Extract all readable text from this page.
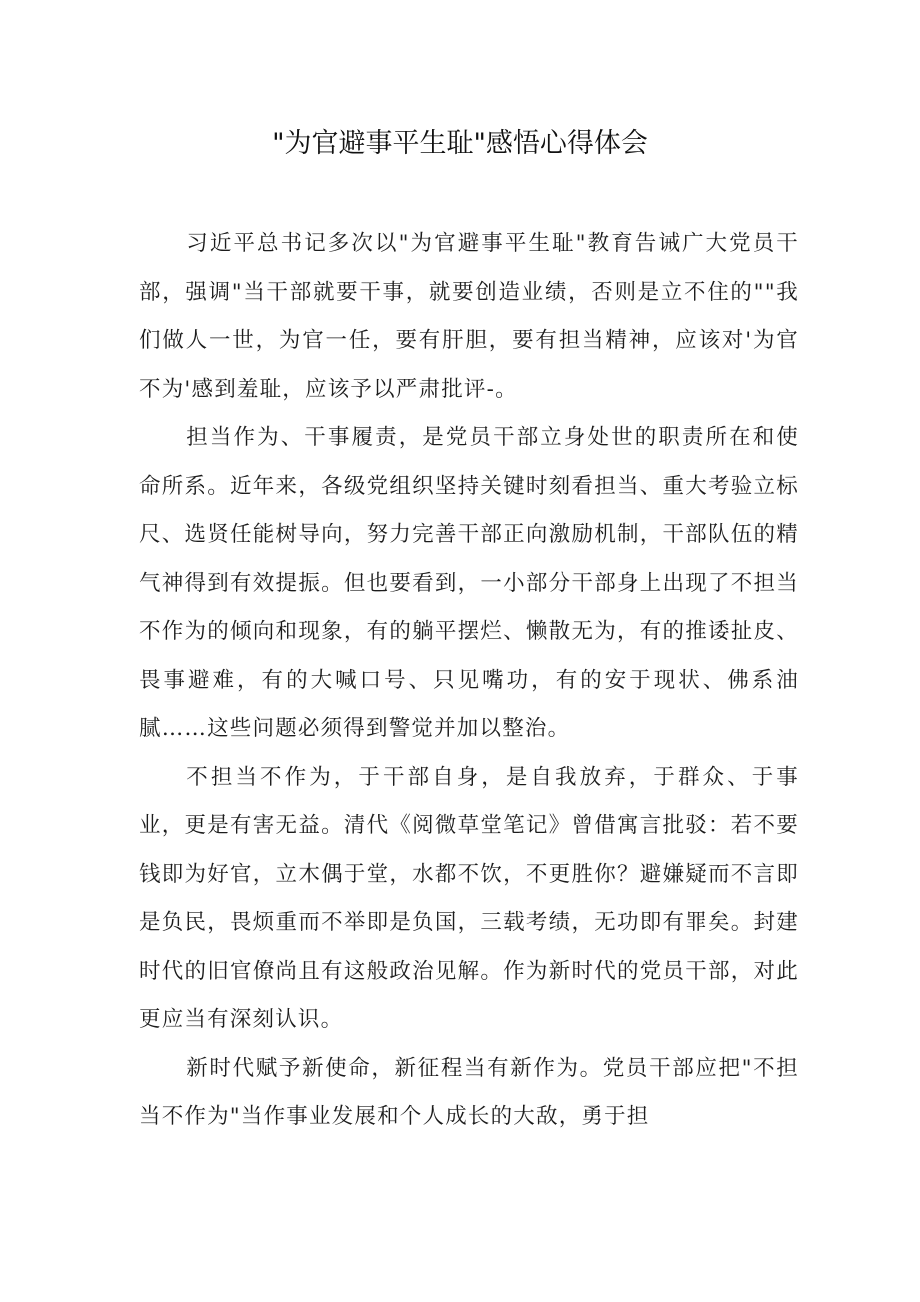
"为官避事平生耻"感悟心得体会

习近平总书记多次以"为官避事平生耻"教育告诫广大党员干部，强调"当干部就要干事，就要创造业绩，否则是立不住的""我们做人一世，为官一任，要有肝胆，要有担当精神，应该对'为官不为'感到羞耻，应该予以严肃批评-。

担当作为、干事履责，是党员干部立身处世的职责所在和使命所系。近年来，各级党组织坚持关键时刻看担当、重大考验立标尺、选贤任能树导向，努力完善干部正向激励机制，干部队伍的精气神得到有效提振。但也要看到，一小部分干部身上出现了不担当不作为的倾向和现象，有的躺平摆烂、懒散无为，有的推诿扯皮、畏事避难，有的大喊口号、只见嘴功，有的安于现状、佛系油腻……这些问题必须得到警觉并加以整治。

不担当不作为，于干部自身，是自我放弃，于群众、于事业，更是有害无益。清代《阅微草堂笔记》曾借寓言批驳：若不要钱即为好官，立木偶于堂，水都不饮，不更胜你？避嫌疑而不言即是负民，畏烦重而不举即是负国，三载考绩，无功即有罪矣。封建时代的旧官僚尚且有这般政治见解。作为新时代的党员干部，对此更应当有深刻认识。

新时代赋予新使命，新征程当有新作为。党员干部应把"不担当不作为"当作事业发展和个人成长的大敌，勇于担
